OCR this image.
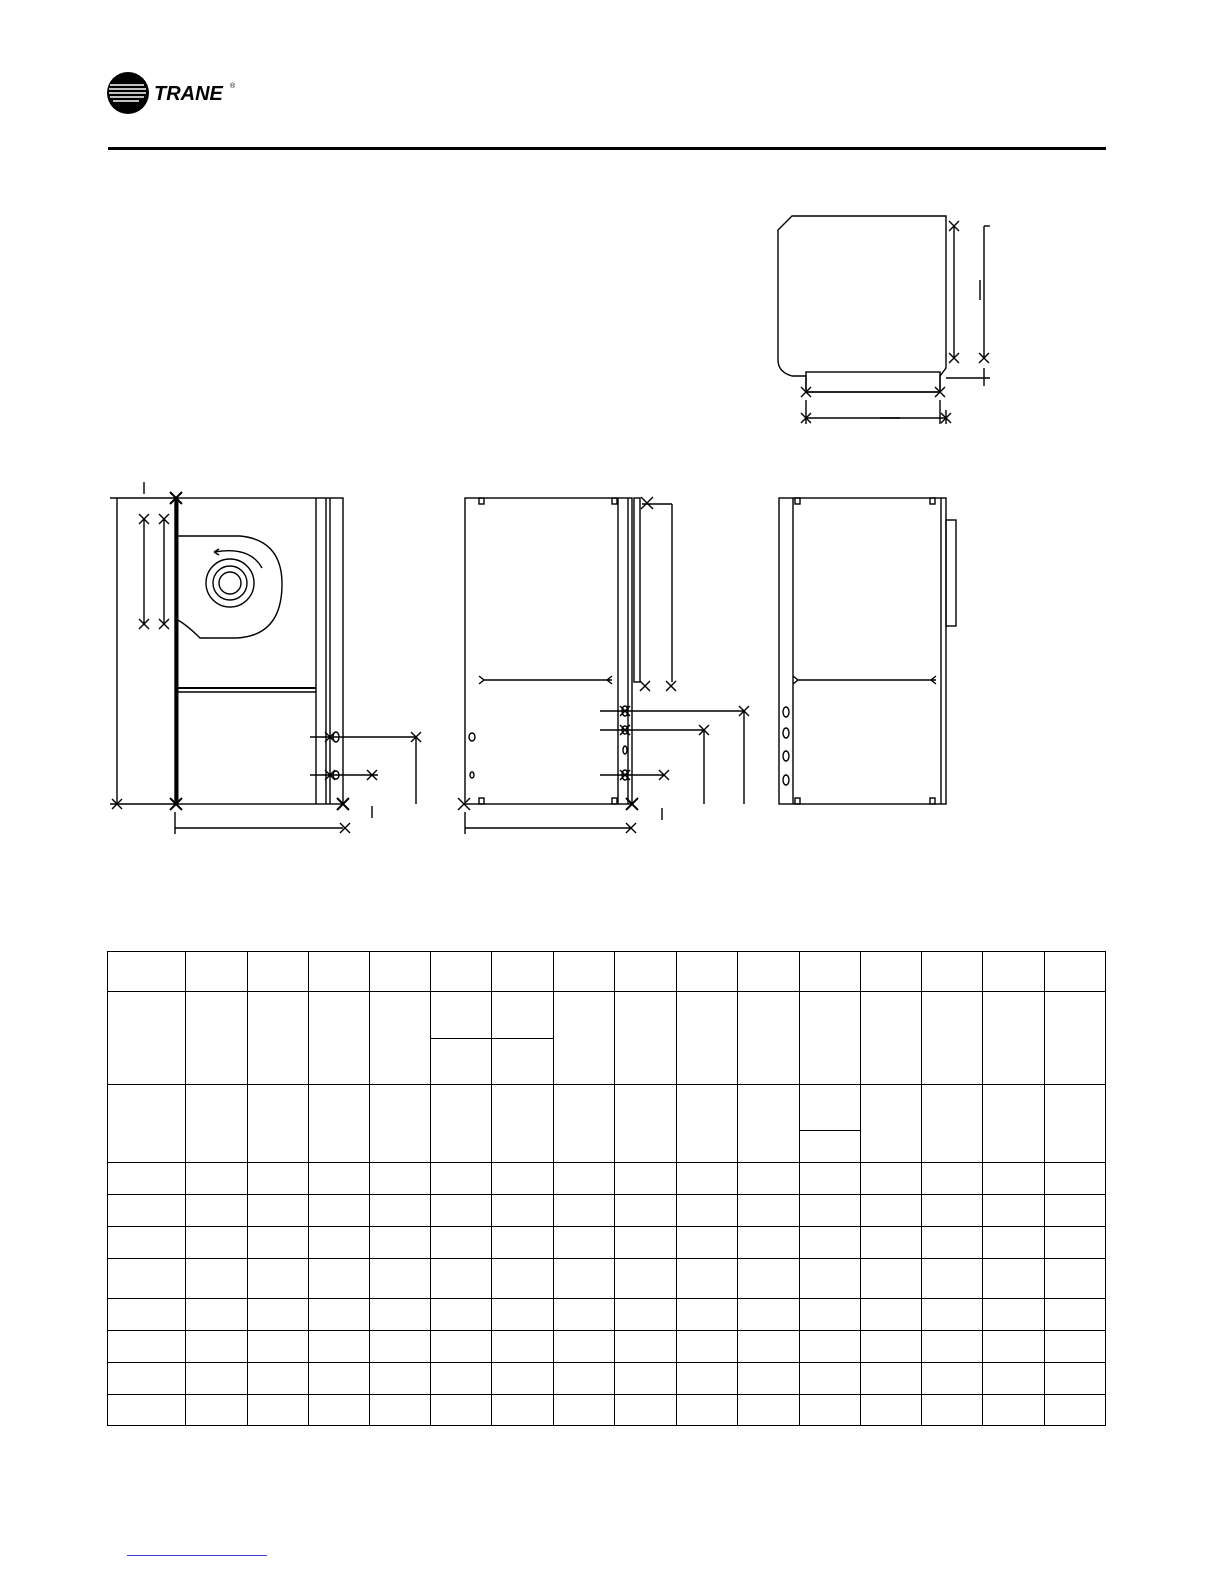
TRANE ®
